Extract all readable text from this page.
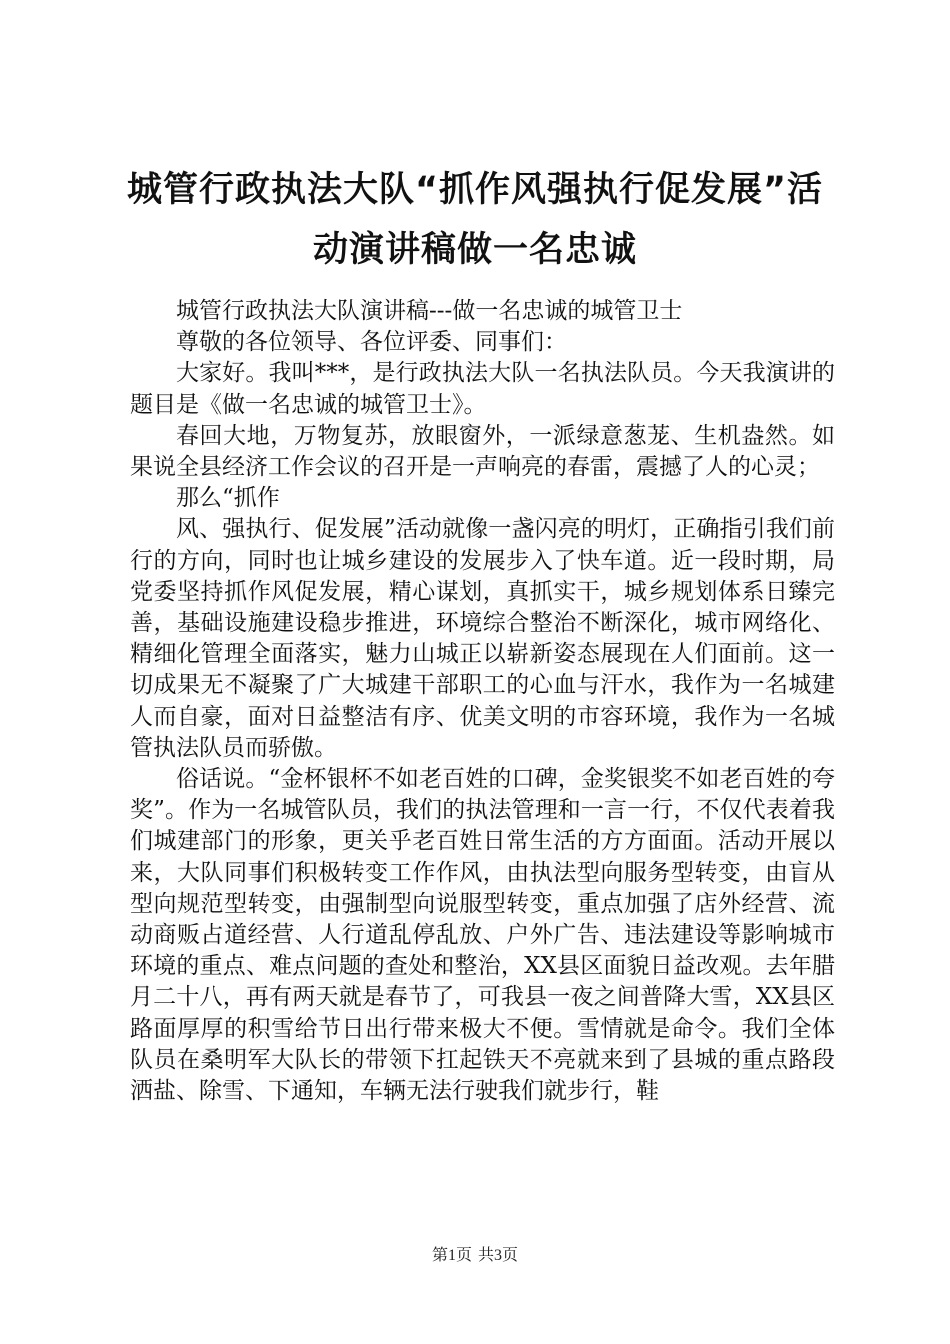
城管行政执法大队“抓作风强执行促发展”活
动演讲稿做一名忠诚

城管行政执法大队演讲稿---做一名忠诚的城管卫士

尊敬的各位领导、各位评委、同事们：

大家好。我叫***，是行政执法大队一名执法队员。今天我演讲的题目是《做一名忠诚的城管卫士》。

春回大地，万物复苏，放眼窗外，一派绿意葱茏、生机盎然。如果说全县经济工作会议的召开是一声响亮的春雷，震撼了人的心灵；

那么“抓作

风、强执行、促发展”活动就像一盏闪亮的明灯，正确指引我们前行的方向，同时也让城乡建设的发展步入了快车道。近一段时期，局党委坚持抓作风促发展，精心谋划，真抓实干，城乡规划体系日臻完善，基础设施建设稳步推进，环境综合整治不断深化，城市网络化、精细化管理全面落实，魅力山城正以崭新姿态展现在人们面前。这一切成果无不凝聚了广大城建干部职工的心血与汗水，我作为一名城建人而自豪，面对日益整洁有序、优美文明的市容环境，我作为一名城管执法队员而骄傲。

俗话说。“金杯银杯不如老百姓的口碑，金奖银奖不如老百姓的夸奖”。作为一名城管队员，我们的执法管理和一言一行，不仅代表着我们城建部门的形象，更关乎老百姓日常生活的方方面面。活动开展以来，大队同事们积极转变工作作风，由执法型向服务型转变，由盲从型向规范型转变，由强制型向说服型转变，重点加强了店外经营、流动商贩占道经营、人行道乱停乱放、户外广告、违法建设等影响城市环境的重点、难点问题的查处和整治，XX县区面貌日益改观。去年腊月二十八，再有两天就是春节了，可我县一夜之间普降大雪，XX县区路面厚厚的积雪给节日出行带来极大不便。雪情就是命令。我们全体队员在桑明军大队长的带领下扛起铁天不亮就来到了县城的重点路段洒盐、除雪、下通知，车辆无法行驶我们就步行，鞋

第1页 共3页
